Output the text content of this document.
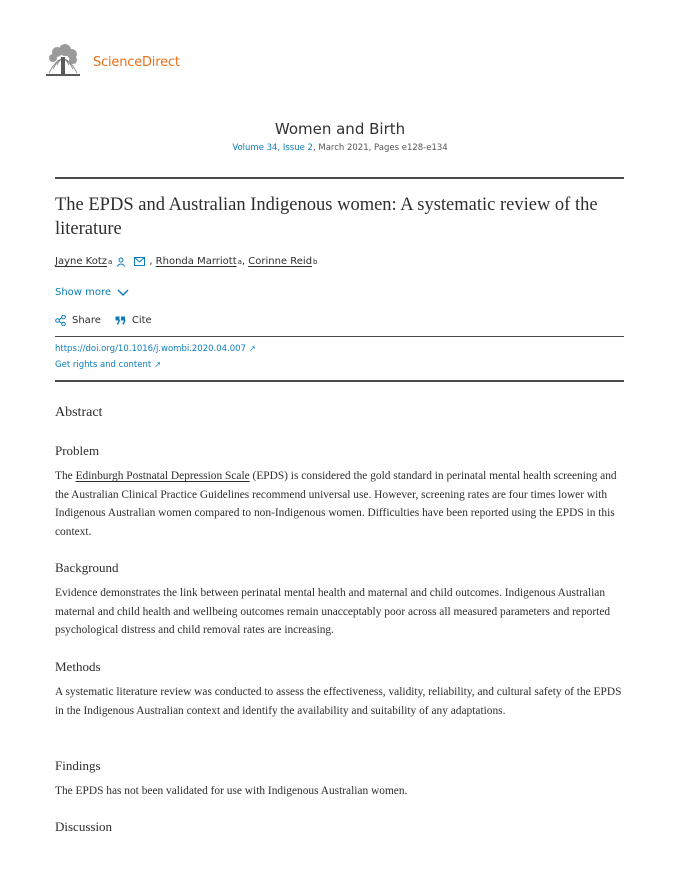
ScienceDirect
Women and Birth
Volume 34, Issue 2, March 2021, Pages e128-e134
The EPDS and Australian Indigenous women: A systematic review of the literature
Jayne Kotz a	, Rhonda Marriott a , Corinne Reid b
Show more
Share	Cite
https://doi.org/10.1016/j.wombi.2020.04.007 ↗
Get rights and content ↗
Abstract
Problem

The Edinburgh Postnatal Depression Scale (EPDS) is considered the gold standard in perinatal mental health screening and the Australian Clinical Practice Guidelines recommend universal use. However, screening rates are four times lower with Indigenous Australian women compared to non-Indigenous women. Difficulties have been reported using the EPDS in this context.

Background

Evidence demonstrates the link between perinatal mental health and maternal and child outcomes. Indigenous Australian maternal and child health and wellbeing outcomes remain unacceptably poor across all measured parameters and reported psychological distress and child removal rates are increasing.

Methods

A systematic literature review was conducted to assess the effectiveness, validity, reliability, and cultural safety of the EPDS in the Indigenous Australian context and identify the availability and suitability of any adaptations.

Findings

The EPDS has not been validated for use with Indigenous Australian women.

Discussion
